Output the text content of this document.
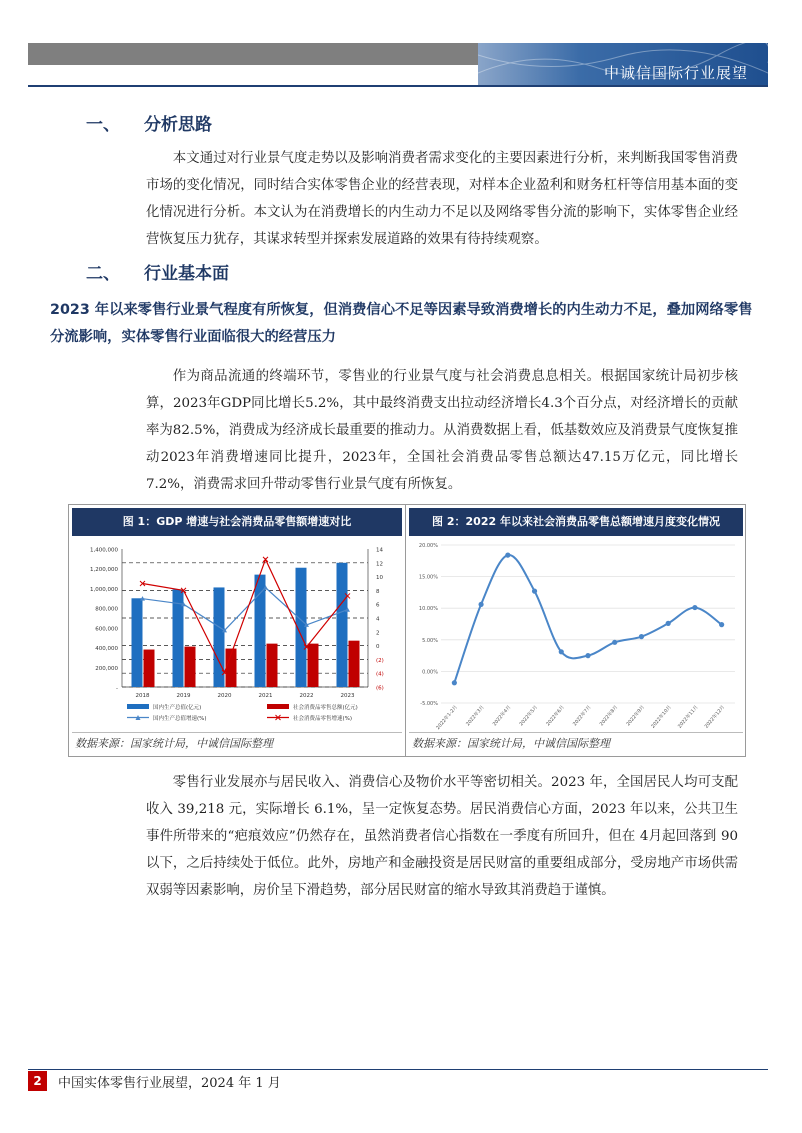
中诚信国际行业展望
一、 分析思路

本文通过对行业景气度走势以及影响消费者需求变化的主要因素进行分析，来判断我国零售消费市场的变化情况，同时结合实体零售企业的经营表现，对样本企业盈利和财务杠杆等信用基本面的变化情况进行分析。本文认为在消费增长的内生动力不足以及网络零售分流的影响下，实体零售企业经营恢复压力犹存，其谋求转型并探索发展道路的效果有待持续观察。

二、 行业基本面
2023 年以来零售行业景气程度有所恢复，但消费信心不足等因素导致消费增长的内生动力不足，叠加网络零售分流影响，实体零售行业面临很大的经营压力

作为商品流通的终端环节，零售业的行业景气度与社会消费息息相关。根据国家统计局初步核算，2023年GDP同比增长5.2%，其中最终消费支出拉动经济增长4.3个百分点，对经济增长的贡献率为82.5%，消费成为经济成长最重要的推动力。从消费数据上看，低基数效应及消费景气度恢复推动2023年消费增速同比提升，2023年，全国社会消费品零售总额达47.15万亿元，同比增长7.2%，消费需求回升带动零售行业景气度有所恢复。

图 1：GDP 增速与社会消费品零售额增速对比	图 2：2022 年以来社会消费品零售总额增速月度变化情况
-
200,000
400,000
600,000
800,000
1,000,000
1,200,000
1,400,000
(6)
(4)
(2)
0
2
4
6
8
10
12
14
2018	2019	2020	2021	2022	2023
国内生产总值(亿元)	社会消费品零售总额(亿元)
国内生产总值增速(%)	社会消费品零售增速(%)
-5.00%
0.00%
5.00%
10.00%
15.00%
20.00%
2022年1-2月	2022年3月	2022年4月	2022年5月	2022年6月	2022年7月	2022年8月	2022年9月	2022年10月	2022年11月	2022年12月
数据来源：国家统计局，中诚信国际整理	数据来源：国家统计局，中诚信国际整理

零售行业发展亦与居民收入、消费信心及物价水平等密切相关。2023 年，全国居民人均可支配收入 39,218 元，实际增长 6.1%，呈一定恢复态势。居民消费信心方面，2023 年以来，公共卫生事件所带来的“疤痕效应”仍然存在，虽然消费者信心指数在一季度有所回升，但在 4月起回落到 90 以下，之后持续处于低位。此外，房地产和金融投资是居民财富的重要组成部分，受房地产市场供需双弱等因素影响，房价呈下滑趋势，部分居民财富的缩水导致其消费趋于谨慎。

2	中国实体零售行业展望，2024 年 1 月
